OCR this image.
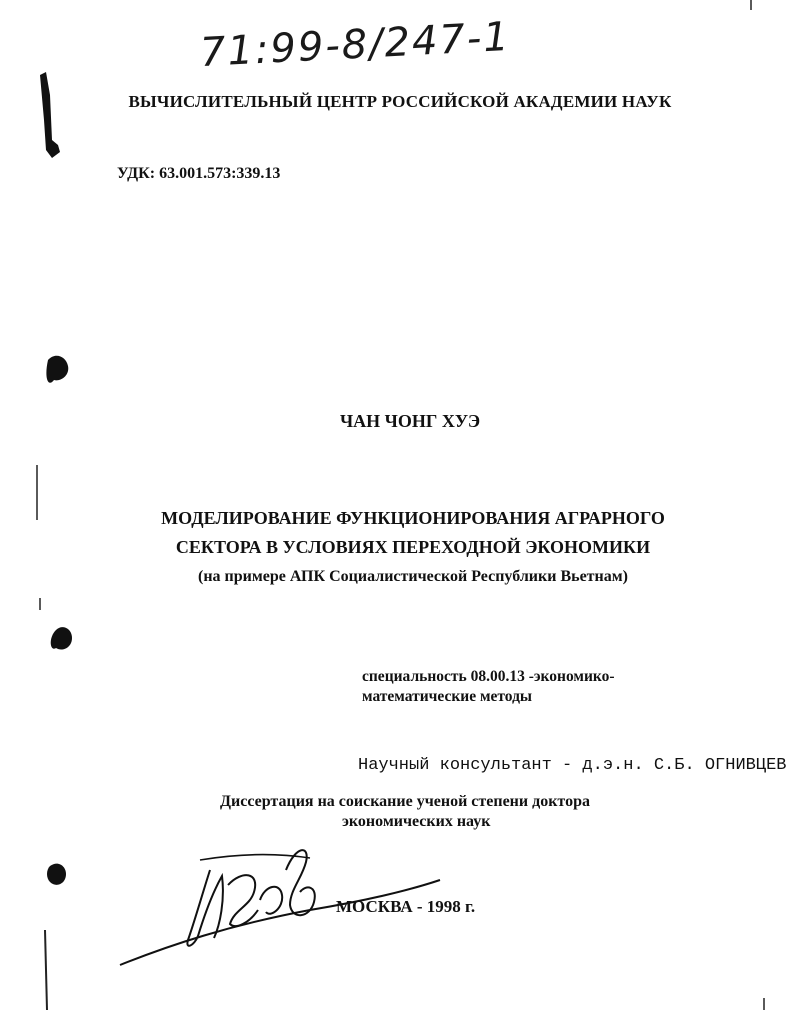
71:99-8/247-1
ВЫЧИСЛИТЕЛЬНЫЙ ЦЕНТР РОССИЙСКОЙ АКАДЕМИИ НАУК
УДК: 63.001.573:339.13
ЧАН ЧОНГ ХУЭ
МОДЕЛИРОВАНИЕ ФУНКЦИОНИРОВАНИЯ АГРАРНОГО
СЕКТОРА В УСЛОВИЯХ ПЕРЕХОДНОЙ ЭКОНОМИКИ
(на примере АПК Социалистической Республики Вьетнам)
специальность 08.00.13 -экономико-
математические методы
Научный консультант - д.э.н. С.Б. ОГНИВЦЕВ
Диссертация на соискание ученой степени доктора
экономических наук
МОСКВА - 1998 г.
